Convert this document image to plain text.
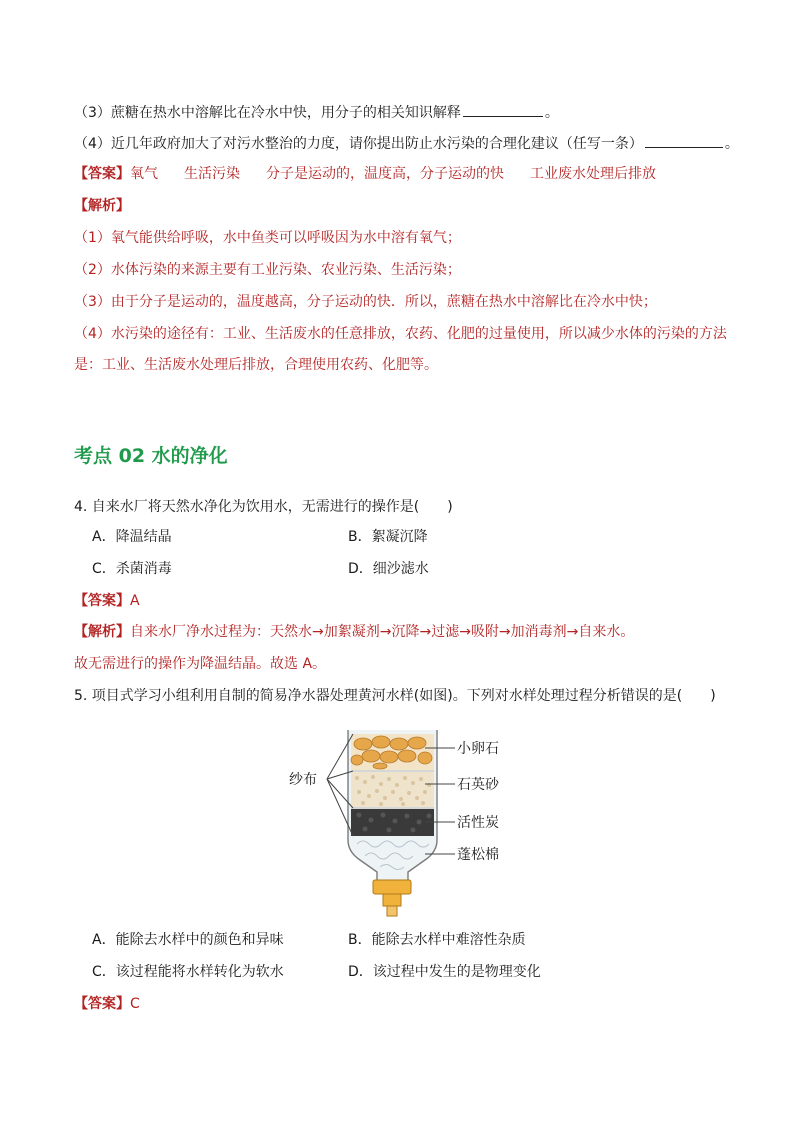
（3）蔗糖在热水中溶解比在冷水中快，用分子的相关知识解释	。
（4）近几年政府加大了对污水整治的力度，请你提出防止水污染的合理化建议（任写一条）	。
【答案】氧气 生活污染 分子是运动的，温度高，分子运动的快 工业废水处理后排放
【解析】
（1）氧气能供给呼吸，水中鱼类可以呼吸因为水中溶有氧气；
（2）水体污染的来源主要有工业污染、农业污染、生活污染；
（3）由于分子是运动的，温度越高，分子运动的快．所以，蔗糖在热水中溶解比在冷水中快；
（4）水污染的途径有：工业、生活废水的任意排放，农药、化肥的过量使用，所以减少水体的污染的方法
是：工业、生活废水处理后排放，合理使用农药、化肥等。
考点 02 水的净化
4. 自来水厂将天然水净化为饮用水，无需进行的操作是(　　)
A．降温结晶	B．絮凝沉降
C．杀菌消毒	D．细沙滤水
【答案】A
【解析】自来水厂净水过程为：天然水→加絮凝剂→沉降→过滤→吸附→加消毒剂→自来水。
故无需进行的操作为降温结晶。故选 A。
5. 项目式学习小组利用自制的简易净水器处理黄河水样(如图)。下列对水样处理过程分析错误的是(　　)
纱布
小卵石
石英砂
活性炭
蓬松棉
A．能除去水样中的颜色和异味	B．能除去水样中难溶性杂质
C．该过程能将水样转化为软水	D．该过程中发生的是物理变化
【答案】C
